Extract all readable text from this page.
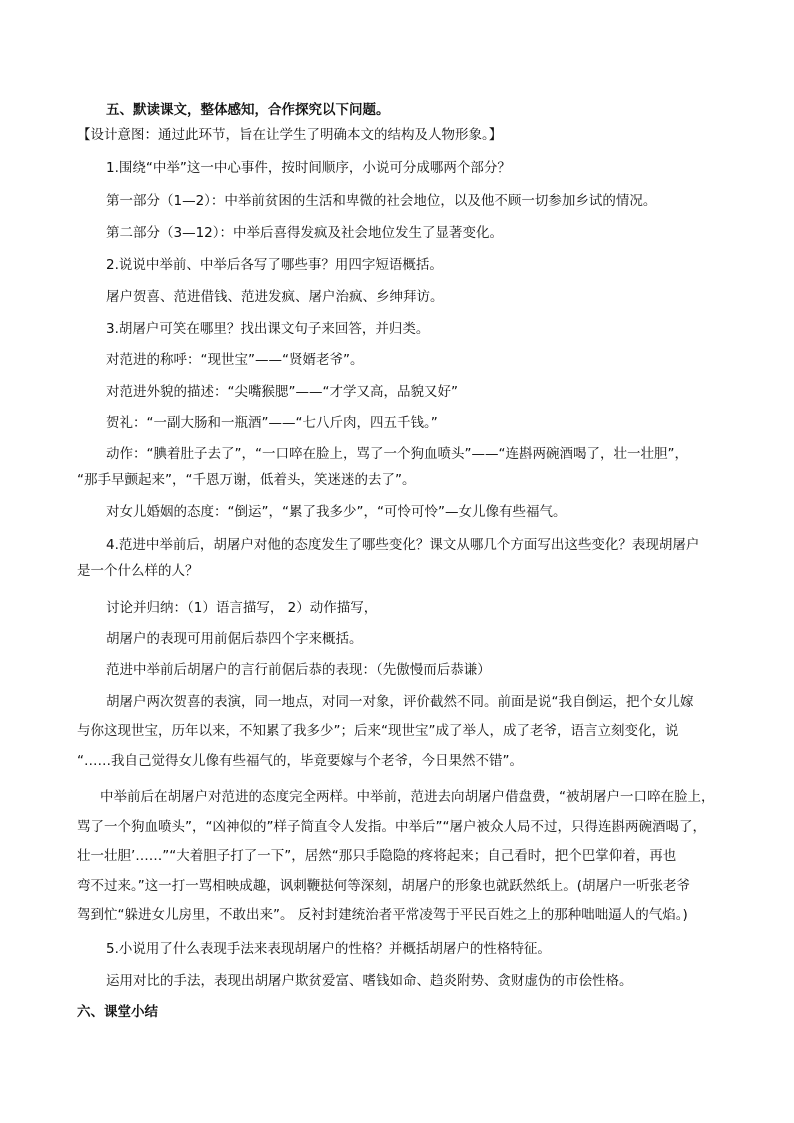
五、默读课文，整体感知，合作探究以下问题。

【设计意图：通过此环节，旨在让学生了明确本文的结构及人物形象。】

1.围绕“中举”这一中心事件，按时间顺序，小说可分成哪两个部分？

第一部分（1—2）：中举前贫困的生活和卑微的社会地位，以及他不顾一切参加乡试的情况。

第二部分（3—12）：中举后喜得发疯及社会地位发生了显著变化。

2.说说中举前、中举后各写了哪些事？用四字短语概括。

屠户贺喜、范进借钱、范进发疯、屠户治疯、乡绅拜访。

3.胡屠户可笑在哪里？找出课文句子来回答，并归类。

对范进的称呼：“现世宝”——“贤婿老爷”。

对范进外貌的描述：“尖嘴猴腮”——“才学又高，品貌又好”

贺礼：“一副大肠和一瓶酒”——“七八斤肉，四五千钱。”

动作：“腆着肚子去了”，“一口啐在脸上，骂了一个狗血喷头”——“连斟两碗酒喝了，壮一壮胆”，

“那手早颤起来”，“千恩万谢，低着头，笑迷迷的去了”。

对女儿婚姻的态度：“倒运”，“累了我多少”，“可怜可怜”—女儿像有些福气。

4.范进中举前后，胡屠户对他的态度发生了哪些变化？课文从哪几个方面写出这些变化？表现胡屠户

是一个什么样的人？

讨论并归纳：（1）语言描写， 2）动作描写，

胡屠户的表现可用前倨后恭四个字来概括。

范进中举前后胡屠户的言行前倨后恭的表现：（先傲慢而后恭谦）

胡屠户两次贺喜的表演，同一地点，对同一对象，评价截然不同。前面是说“我自倒运，把个女儿嫁

与你这现世宝，历年以来，不知累了我多少”；后来“现世宝”成了举人，成了老爷，语言立刻变化，说

“……我自己觉得女儿像有些福气的，毕竟要嫁与个老爷，今日果然不错”。

中举前后在胡屠户对范进的态度完全两样。中举前，范进去向胡屠户借盘费，“被胡屠户一口啐在脸上，

骂了一个狗血喷头”，“凶神似的”样子简直令人发指。中举后”“屠户被众人局不过，只得连斟两碗酒喝了，

壮一壮胆’……”“大着胆子打了一下”，居然“那只手隐隐的疼将起来；自己看时，把个巴掌仰着，再也

弯不过来。”这一打一骂相映成趣，讽刺鞭挞何等深刻，胡屠户的形象也就跃然纸上。(胡屠户一听张老爷

驾到忙“躲进女儿房里，不敢出来”。 反衬封建统治者平常凌驾于平民百姓之上的那种咄咄逼人的气焰。)

5.小说用了什么表现手法来表现胡屠户的性格？并概括胡屠户的性格特征。

运用对比的手法，表现出胡屠户欺贫爱富、嗜钱如命、趋炎附势、贪财虚伪的市侩性格。

六、课堂小结
